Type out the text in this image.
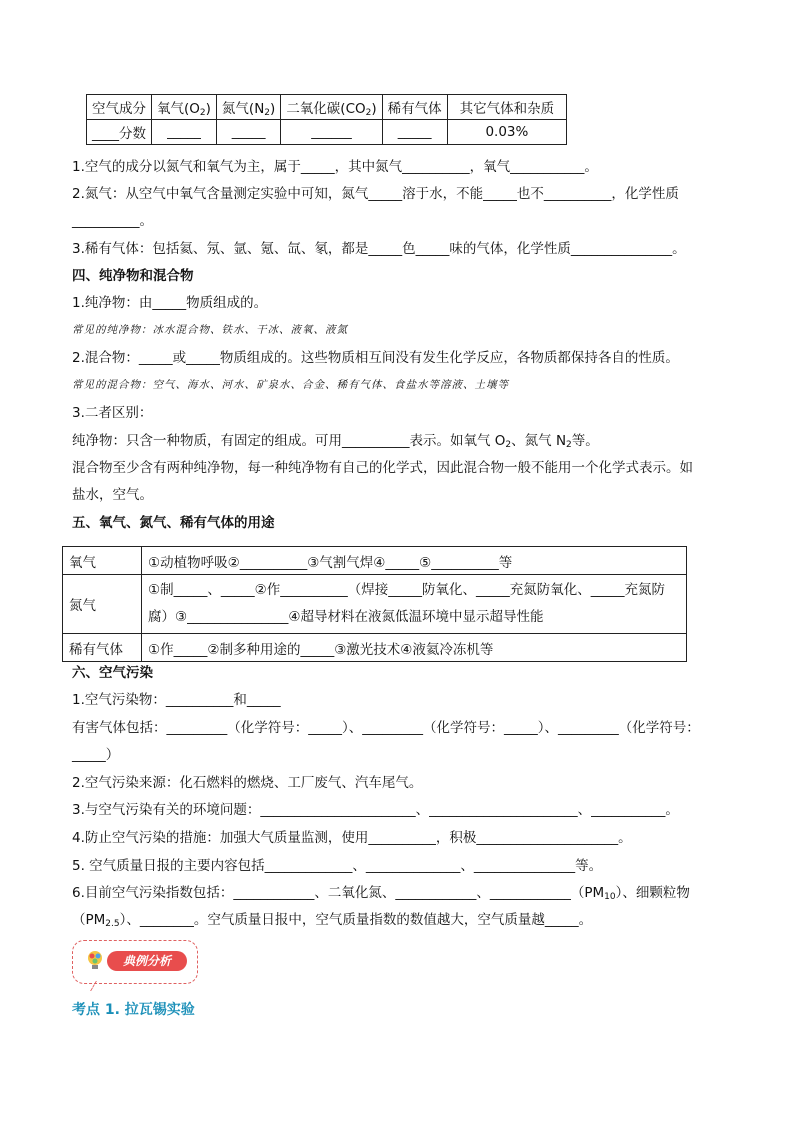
空气成分	氧气$(O_2)$	氮气$(N_2)$	二氧化碳$(CO_2)$	稀有气体	其它气体和杂质
____分数	_____	_____	______	_____	0.03%
1.空气的成分以氮气和氧气为主，属于_____，其中氮气__________，氧气___________。
2.氮气：从空气中氧气含量测定实验中可知，氮气_____溶于水，不能_____也不__________，化学性质
__________。
3.稀有气体：包括氦、氖、氩、氪、氙、氡，都是_____色_____味的气体，化学性质_______________。
四、纯净物和混合物
1.纯净物：由_____物质组成的。
常见的纯净物：冰水混合物、铁水、干冰、液氧、液氮
2.混合物：_____或_____物质组成的。这些物质相互间没有发生化学反应，各物质都保持各自的性质。
常见的混合物：空气、海水、河水、矿泉水、合金、稀有气体、食盐水等溶液、土壤等
3.二者区别：
纯净物：只含一种物质，有固定的组成。可用__________表示。如氧气 $O_2$、氮气 $N_2$等。
混合物至少含有两种纯净物，每一种纯净物有自己的化学式，因此混合物一般不能用一个化学式表示。如
盐水，空气。
五、氧气、氮气、稀有气体的用途
氧气	①动植物呼吸②__________③气割气焊④_____⑤__________等
氮气	①制_____、_____②作__________（焊接_____防氧化、_____充氮防氧化、_____充氮防
腐）③_______________④超导材料在液氮低温环境中显示超导性能

稀有气体	①作_____②制多种用途的_____③激光技术④液氦冷冻机等
六、空气污染
1.空气污染物：__________和_____
有害气体包括：_________（化学符号：_____）、_________（化学符号：_____）、_________（化学符号：
_____）
2.空气污染来源：化石燃料的燃烧、工厂废气、汽车尾气。
3.与空气污染有关的环境问题：_______________________、______________________、___________。
4.防止空气污染的措施：加强大气质量监测，使用__________，积极_____________________。
5. 空气质量日报的主要内容包括_____________、______________、_______________等。
6.目前空气污染指数包括：____________、二氧化氮、____________、$\_\_\_\_\_\_\_\_\_\_\_\_(PM_{10})$、细颗粒物
$(PM_{2.5})$、________。空气质量日报中，空气质量指数的数值越大，空气质量越_____。
典例分析
考点 1. 拉瓦锡实验
